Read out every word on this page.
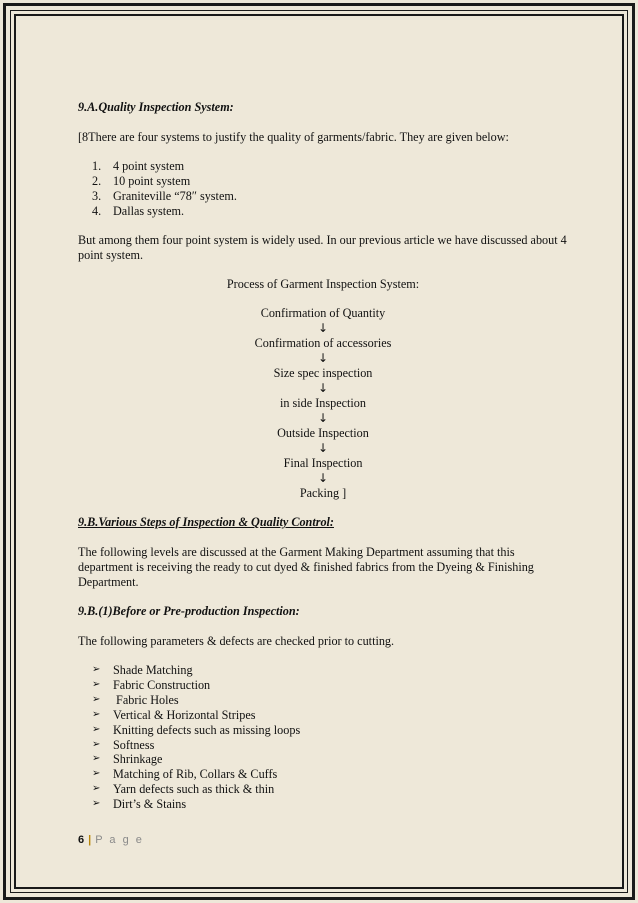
9.A.Quality Inspection System:

[8There are four systems to justify the quality of garments/fabric. They are given below:

1. 4 point system
2. 10 point system
3. Graniteville “78″ system.
4. Dallas system.

But among them four point system is widely used. In our previous article we have discussed about 4 point system.

Process of Garment Inspection System:
Confirmation of Quantity
↓
Confirmation of accessories
↓
Size spec inspection
↓
in side Inspection
↓
Outside Inspection
↓
Final Inspection
↓
Packing ]

9.B.Various Steps of Inspection & Quality Control:

The following levels are discussed at the Garment Making Department assuming that this department is receiving the ready to cut dyed & finished fabrics from the Dyeing & Finishing Department.

9.B.(1)Before or Pre-production Inspection:

The following parameters & defects are checked prior to cutting.

➢	Shade Matching
➢	Fabric Construction
➢	Fabric Holes
➢	Vertical & Horizontal Stripes
➢	Knitting defects such as missing loops
➢	Softness
➢	Shrinkage
➢	Matching of Rib, Collars & Cuffs
➢	Yarn defects such as thick & thin
➢	Dirt’s & Stains
6 | P a g e
